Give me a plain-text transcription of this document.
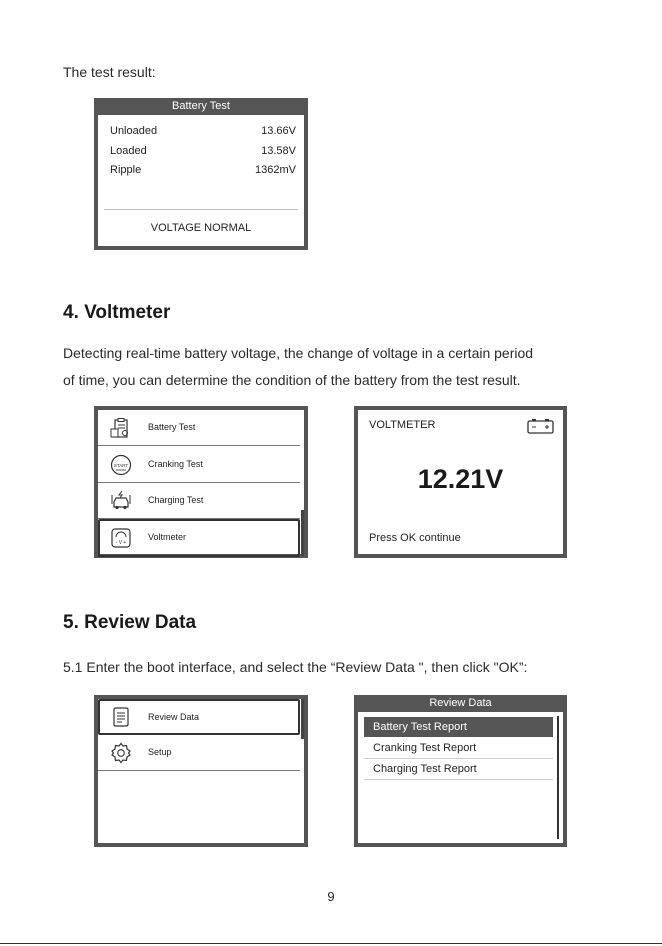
The test result:
Battery Test
Unloaded	13.66V
Loaded	13.58V
Ripple	1362mV
VOLTAGE NORMAL
4. Voltmeter
Detecting real-time battery voltage, the change of voltage in a certain period
of time, you can determine the condition of the battery from the test result.
Battery Test
START Cranking Test
Charging Test
- V +
Voltmeter
VOLTMETER
12.21V
Press OK continue
5. Review Data
5.1 Enter the boot interface, and select the “Review Data ", then click "OK”:
Review Data
Setup
Review Data
Battery Test Report
Cranking Test Report
Charging Test Report
9
